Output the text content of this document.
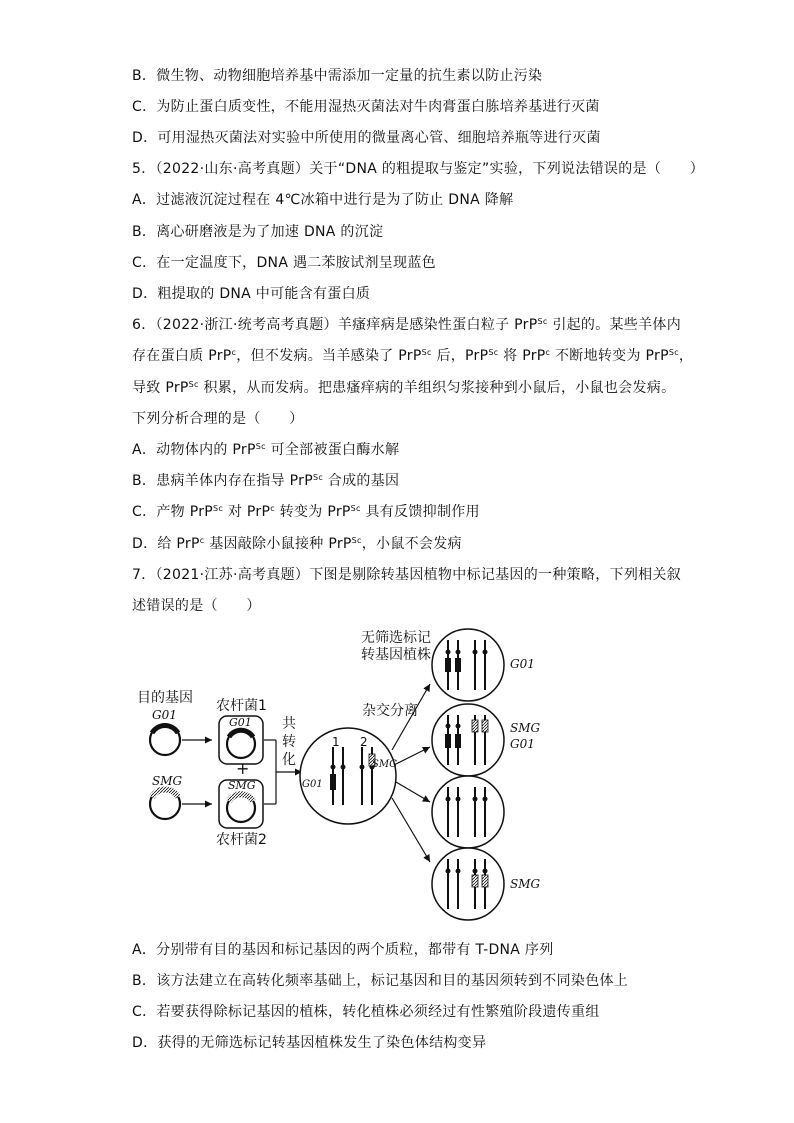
B．微生物、动物细胞培养基中需添加一定量的抗生素以防止污染
C．为防止蛋白质变性，不能用湿热灭菌法对牛肉膏蛋白胨培养基进行灭菌
D．可用湿热灭菌法对实验中所使用的微量离心管、细胞培养瓶等进行灭菌
5．（2022·山东·高考真题）关于“DNA 的粗提取与鉴定”实验，下列说法错误的是（　　）
A．过滤液沉淀过程在 4℃冰箱中进行是为了防止 DNA 降解
B．离心研磨液是为了加速 DNA 的沉淀
C．在一定温度下，DNA 遇二苯胺试剂呈现蓝色
D．粗提取的 DNA 中可能含有蛋白质
6．（2022·浙江·统考高考真题）羊瘙痒病是感染性蛋白粒子 PrP$^{Sc}$ 引起的。某些羊体内
存在蛋白质 PrP$^c$，但不发病。当羊感染了 PrP$^{Sc}$ 后，PrP$^{Sc}$ 将 PrP$^c$ 不断地转变为 PrP$^{Sc}$，
导致 PrP$^{Sc}$ 积累，从而发病。把患瘙痒病的羊组织匀浆接种到小鼠后，小鼠也会发病。
下列分析合理的是（　　）
A．动物体内的 PrP$^{Sc}$ 可全部被蛋白酶水解
B．患病羊体内存在指导 PrP$^{Sc}$ 合成的基因
C．产物 PrP$^{Sc}$ 对 PrP$^c$ 转变为 PrP$^{Sc}$ 具有反馈抑制作用
D．给 PrP$^c$ 基因敲除小鼠接种 PrP$^{Sc}$，小鼠不会发病
7．（2021·江苏·高考真题）下图是剔除转基因植物中标记基因的一种策略，下列相关叙
述错误的是（　　）
目的基因
G01
SMG
农杆菌1
G01
+
SMG
农杆菌2
共
转
化
1 2
G01
SMG
杂交分离
无筛选标记
转基因植株
G01
SMG
G01
SMG
A．分别带有目的基因和标记基因的两个质粒，都带有 T-DNA 序列
B．该方法建立在高转化频率基础上，标记基因和目的基因须转到不同染色体上
C．若要获得除标记基因的植株，转化植株必须经过有性繁殖阶段遗传重组
D．获得的无筛选标记转基因植株发生了染色体结构变异
